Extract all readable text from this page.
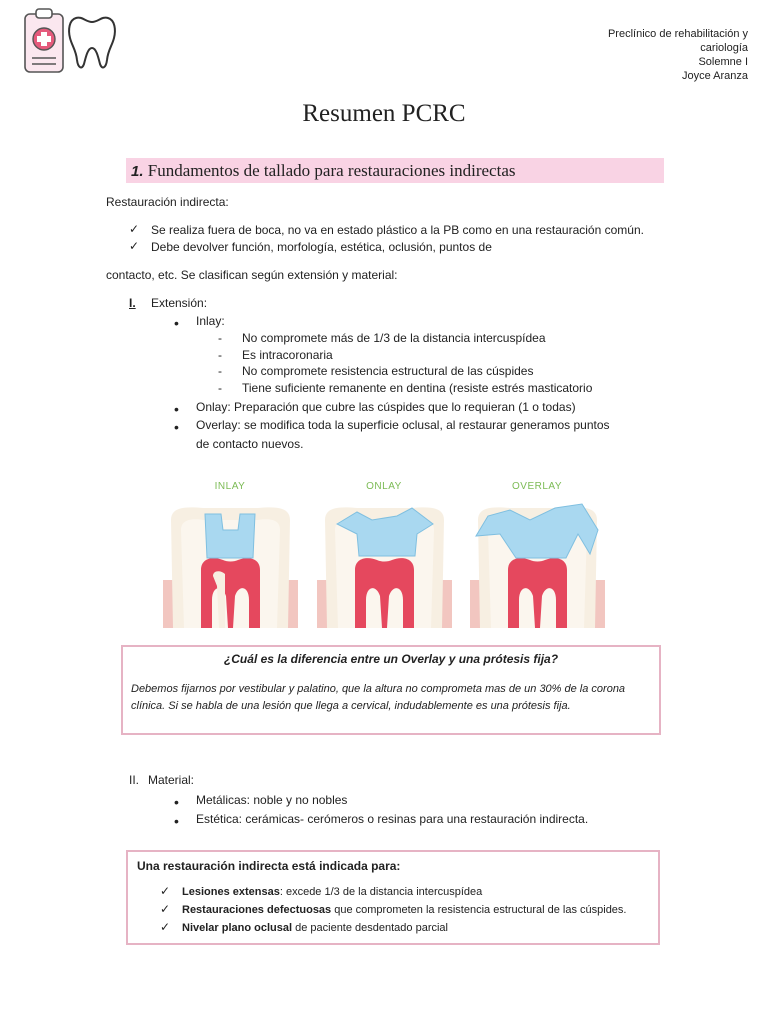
Preclínico de rehabilitación y
cariología
Solemne I
Joyce Aranza
Resumen PCRC
1. Fundamentos de tallado para restauraciones indirectas
Restauración indirecta:
✓ Se realiza fuera de boca, no va en estado plástico a la PB como en una restauración común.
✓ Debe devolver función, morfología, estética, oclusión, puntos de
contacto, etc. Se clasifican según extensión y material:
I. Extensión:
• Inlay:
- No compromete más de 1/3 de la distancia intercuspídea
- Es intracoronaria
- No compromete resistencia estructural de las cúspides
- Tiene suficiente remanente en dentina (resiste estrés masticatorio
• Onlay: Preparación que cubre las cúspides que lo requieran (1 o todas)
• Overlay: se modifica toda la superficie oclusal, al restaurar generamos puntos
de contacto nuevos.
INLAY	ONLAY	OVERLAY
¿Cuál es la diferencia entre un Overlay y una prótesis fija?
Debemos fijarnos por vestibular y palatino, que la altura no comprometa mas de un 30% de la corona
clínica. Si se habla de una lesión que llega a cervical, indudablemente es una prótesis fija.
II. Material:
• Metálicas: noble y no nobles
• Estética: cerámicas- cerómeros o resinas para una restauración indirecta.
Una restauración indirecta está indicada para:
✓ Lesiones extensas: excede 1/3 de la distancia intercuspídea
✓ Restauraciones defectuosas que comprometen la resistencia estructural de las cúspides.
✓ Nivelar plano oclusal de paciente desdentado parcial
